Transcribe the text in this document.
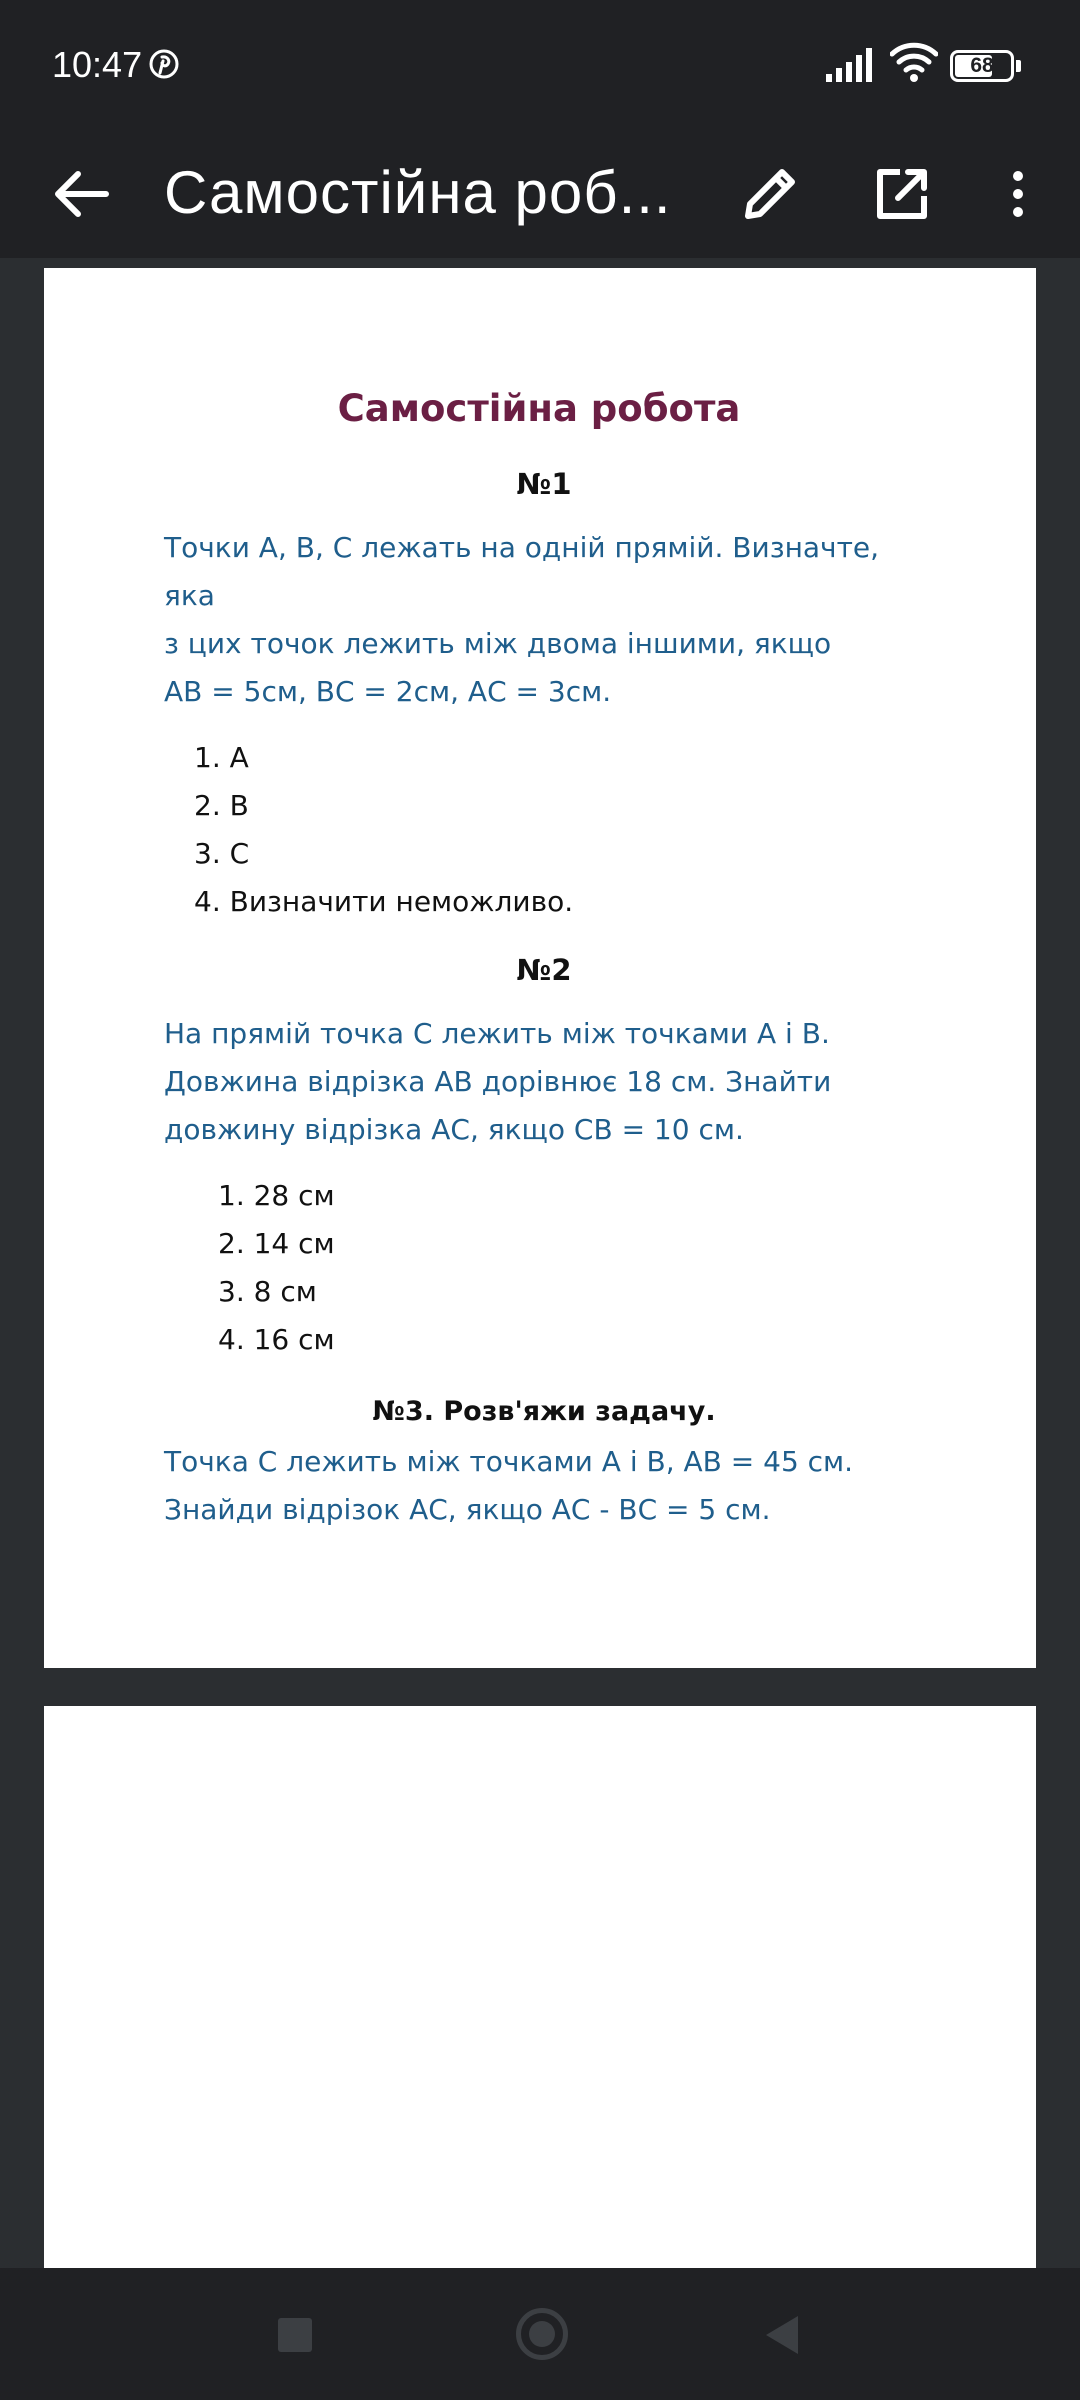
10:47	68
Самостійна роб...
Самостійна робота
№1
Точки А, В, С лежать на одній прямій. Визначте, яка
з цих точок лежить між двома іншими, якщо
АВ = 5см, ВС = 2см, АС = 3см.
1. А
2. В
3. С
4. Визначити неможливо.
№2
На прямій точка С лежить між точками А і В.
Довжина відрізка АВ дорівнює 18 см. Знайти
довжину відрізка АС, якщо СВ = 10 см.
1. 28 см
2. 14 см
3. 8 см
4. 16 см
№3. Розв'яжи задачу.
Точка С лежить між точками А і В, АВ = 45 см.
Знайди відрізок АС, якщо АС - ВС = 5 см.
